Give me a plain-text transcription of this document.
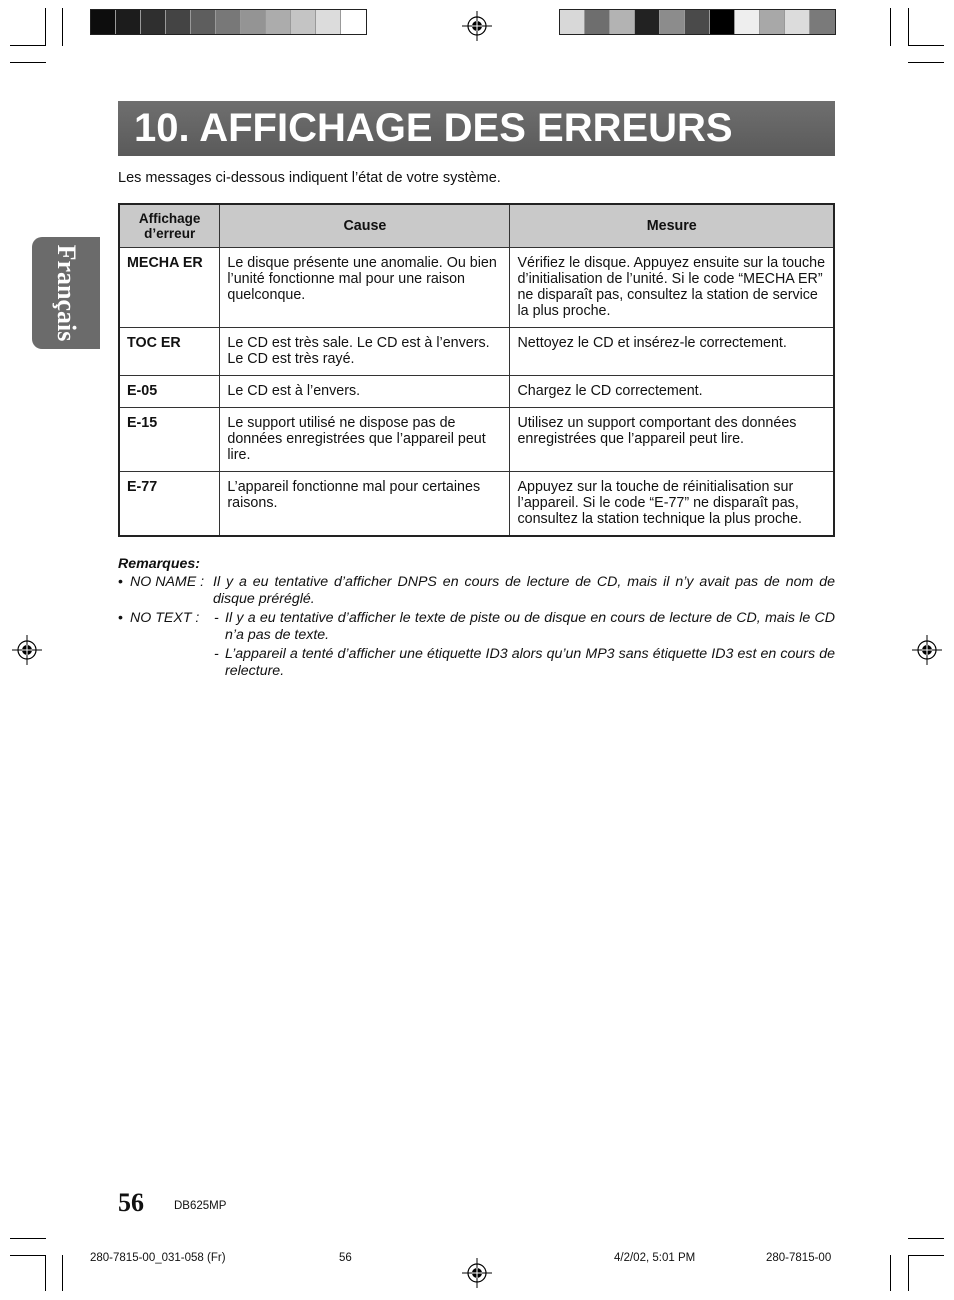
10. AFFICHAGE DES ERREURS
Français
Les messages ci-dessous indiquent l’état de votre système.
Affichage d’erreur	Cause	Mesure
MECHA ER	Le disque présente une anomalie. Ou bien l’unité fonctionne mal pour une raison quelconque.	Vérifiez le disque. Appuyez ensuite sur la touche d’initialisation de l’unité. Si le code “MECHA ER” ne disparaît pas, consultez la station de service la plus proche.
TOC ER	Le CD est très sale. Le CD est à l’envers. Le CD est très rayé.	Nettoyez le CD et insérez-le correctement.
E-05	Le CD est à l’envers.	Chargez le CD correctement.
E-15	Le support utilisé ne dispose pas de données enregistrées que l’appareil peut lire.	Utilisez un support comportant des données enregistrées que l’appareil peut lire.
E-77	L’appareil fonctionne mal pour certaines raisons.	Appuyez sur la touche de réinitialisation sur l’appareil. Si le code “E-77” ne disparaît pas, consultez la station technique la plus proche.
Remarques:
• NO NAME : Il y a eu tentative d’afficher DNPS en cours de lecture de CD, mais il n’y avait pas de nom de disque préréglé.
• NO TEXT : - Il y a eu tentative d’afficher le texte de piste ou de disque en cours de lecture de CD, mais le CD n’a pas de texte.
- L’appareil a tenté d’afficher une étiquette ID3 alors qu’un MP3 sans étiquette ID3 est en cours de relecture.
56	DB625MP
280-7815-00_031-058 (Fr)	56	4/2/02, 5:01 PM	280-7815-00
